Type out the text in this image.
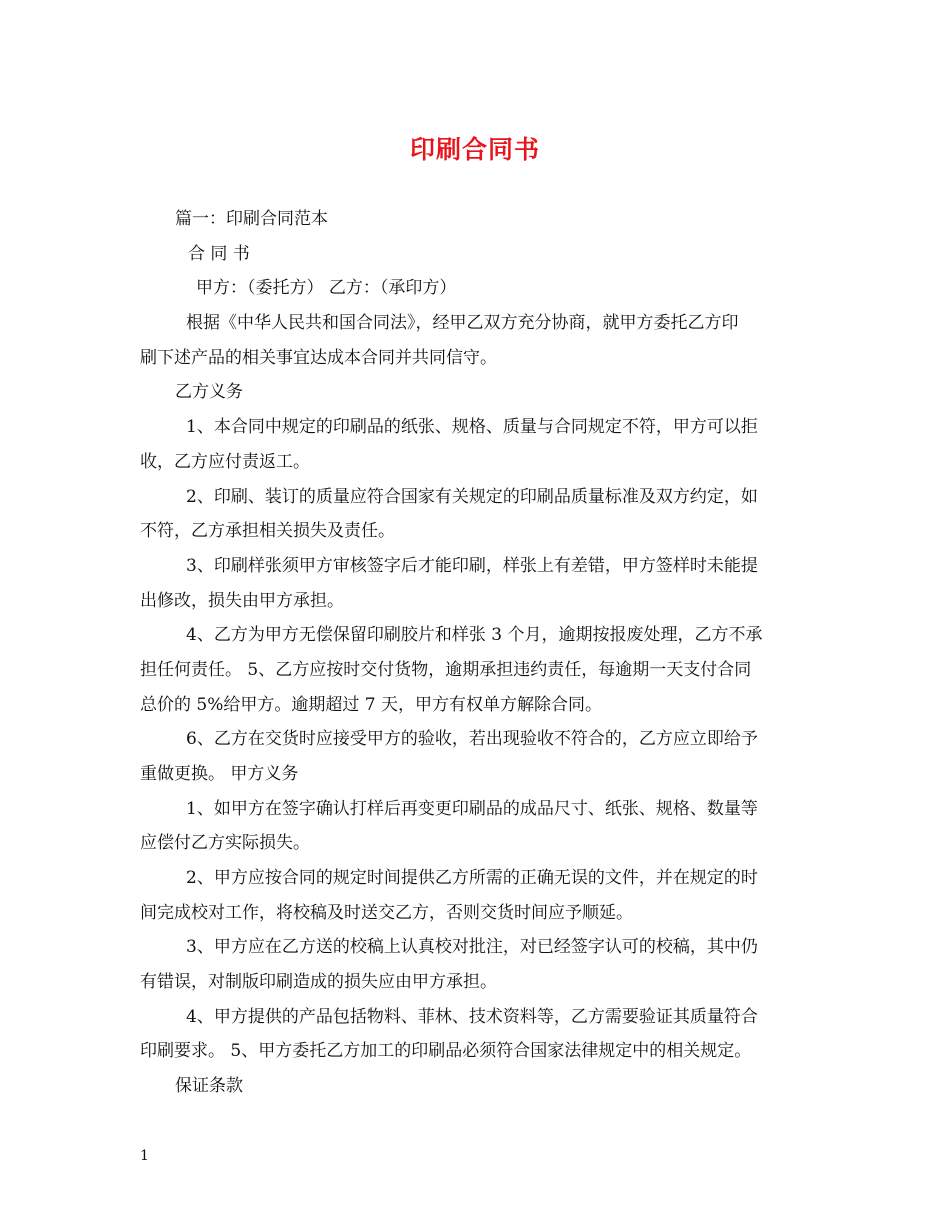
印刷合同书
篇一：印刷合同范本
合 同 书
甲方：（委托方） 乙方：（承印方）
根据《中华人民共和国合同法》，经甲乙双方充分协商，就甲方委托乙方印
刷下述产品的相关事宜达成本合同并共同信守。
乙方义务
1、本合同中规定的印刷品的纸张、规格、质量与合同规定不符，甲方可以拒
收，乙方应付责返工。
2、印刷、装订的质量应符合国家有关规定的印刷品质量标准及双方约定，如
不符，乙方承担相关损失及责任。
3、印刷样张须甲方审核签字后才能印刷，样张上有差错，甲方签样时未能提
出修改，损失由甲方承担。
4、乙方为甲方无偿保留印刷胶片和样张 3 个月，逾期按报废处理，乙方不承
担任何责任。 5、乙方应按时交付货物，逾期承担违约责任，每逾期一天支付合同
总价的 5%给甲方。逾期超过 7 天，甲方有权单方解除合同。
6、乙方在交货时应接受甲方的验收，若出现验收不符合的，乙方应立即给予
重做更换。 甲方义务
1、如甲方在签字确认打样后再变更印刷品的成品尺寸、纸张、规格、数量等
应偿付乙方实际损失。
2、甲方应按合同的规定时间提供乙方所需的正确无误的文件，并在规定的时
间完成校对工作，将校稿及时送交乙方，否则交货时间应予顺延。
3、甲方应在乙方送的校稿上认真校对批注，对已经签字认可的校稿，其中仍
有错误，对制版印刷造成的损失应由甲方承担。
4、甲方提供的产品包括物料、菲林、技术资料等，乙方需要验证其质量符合
印刷要求。 5、甲方委托乙方加工的印刷品必须符合国家法律规定中的相关规定。
保证条款
1
